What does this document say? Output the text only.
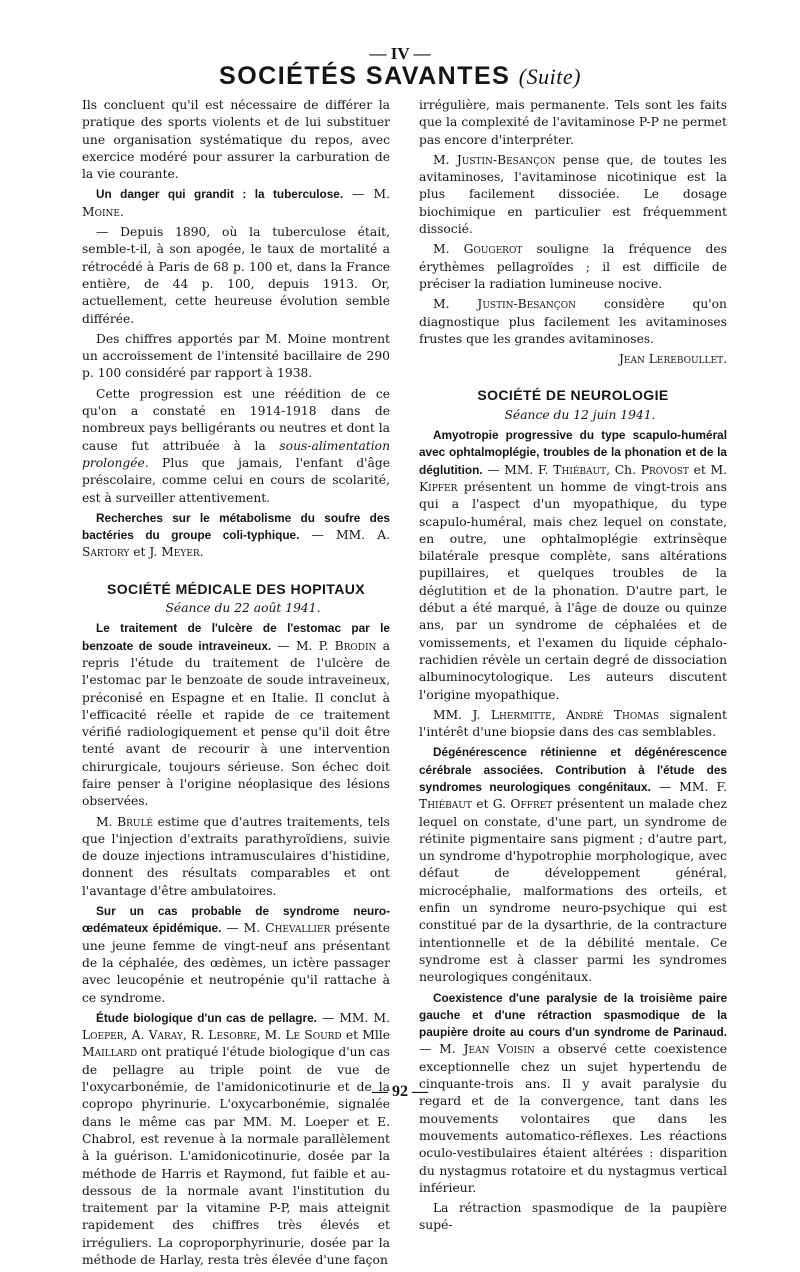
— IV —
SOCIÉTÉS SAVANTES (Suite)

Ils concluent qu'il est nécessaire de différer la pratique des sports violents et de lui substituer une organisation systématique du repos, avec exercice modéré pour assurer la carburation de la vie courante.

Un danger qui grandit : la tuberculose. — M. Moine.

— Depuis 1890, où la tuberculose était, semble-t-il, à son apogée, le taux de mortalité a rétrocédé à Paris de 68 p. 100 et, dans la France entière, de 44 p. 100, depuis 1913. Or, actuellement, cette heureuse évolution semble différée.

Des chiffres apportés par M. Moine montrent un accroissement de l'intensité bacillaire de 290 p. 100 considéré par rapport à 1938.

Cette progression est une réédition de ce qu'on a constaté en 1914-1918 dans de nombreux pays belligérants ou neutres et dont la cause fut attribuée à la sous-alimentation prolongée. Plus que jamais, l'enfant d'âge préscolaire, comme celui en cours de scolarité, est à surveiller attentivement.

Recherches sur le métabolisme du soufre des bactéries du groupe coli-typhique. — MM. A. Sartory et J. Meyer.

SOCIÉTÉ MÉDICALE DES HOPITAUX

Séance du 22 août 1941.

Le traitement de l'ulcère de l'estomac par le benzoate de soude intraveineux. — M. P. Brodin a repris l'étude du traitement de l'ulcère de l'estomac par le benzoate de soude intraveineux, préconisé en Espagne et en Italie. Il conclut à l'efficacité réelle et rapide de ce traitement vérifié radiologiquement et pense qu'il doit être tenté avant de recourir à une intervention chirurgicale, toujours sérieuse. Son échec doit faire penser à l'origine néoplasique des lésions observées.

M. Brulé estime que d'autres traitements, tels que l'injection d'extraits parathyroïdiens, suivie de douze injections intramusculaires d'histidine, donnent des résultats comparables et ont l'avantage d'être ambulatoires.

Sur un cas probable de syndrome neuro-œdémateux épidémique. — M. Chevallier présente une jeune femme de vingt-neuf ans présentant de la céphalée, des œdèmes, un ictère passager avec leucopénie et neutropénie qu'il rattache à ce syndrome.

Étude biologique d'un cas de pellagre. — MM. M. Loeper, A. Varay, R. Lesobre, M. Le Sourd et Mlle Maillard ont pratiqué l'étude biologique d'un cas de pellagre au triple point de vue de l'oxycarbonémie, de l'amidonicotinurie et de la copropo phyrinurie. L'oxycarbonémie, signalée dans le même cas par MM. M. Loeper et E. Chabrol, est revenue à la normale parallèlement à la guérison. L'amidonicotinurie, dosée par la méthode de Harris et Raymond, fut faible et au-dessous de la normale avant l'institution du traitement par la vitamine P-P, mais atteignit rapidement des chiffres très élevés et irréguliers. La coproporphyrinurie, dosée par la méthode de Harlay, resta très élevée d'une façon

irrégulière, mais permanente. Tels sont les faits que la complexité de l'avitaminose P-P ne permet pas encore d'interpréter.

M. Justin-Besançon pense que, de toutes les avitaminoses, l'avitaminose nicotinique est la plus facilement dissociée. Le dosage biochimique en particulier est fréquemment dissocié.

M. Gougerot souligne la fréquence des érythèmes pellagroïdes ; il est difficile de préciser la radiation lumineuse nocive.

M. Justin-Besançon considère qu'on diagnostique plus facilement les avitaminoses frustes que les grandes avitaminoses.

Jean Lereboullet.

SOCIÉTÉ DE NEUROLOGIE

Séance du 12 juin 1941.

Amyotropie progressive du type scapulo-huméral avec ophtalmoplégie, troubles de la phonation et de la déglutition. — MM. F. Thiébaut, Ch. Provost et M. Kipfer présentent un homme de vingt-trois ans qui a l'aspect d'un myopathique, du type scapulo-huméral, mais chez lequel on constate, en outre, une ophtalmoplégie extrinsèque bilatérale presque complète, sans altérations pupillaires, et quelques troubles de la déglutition et de la phonation. D'autre part, le début a été marqué, à l'âge de douze ou quinze ans, par un syndrome de céphalées et de vomissements, et l'examen du liquide céphalo-rachidien révèle un certain degré de dissociation albuminocytologique. Les auteurs discutent l'origine myopathique.

MM. J. Lhermitte, André Thomas signalent l'intérêt d'une biopsie dans des cas semblables.

Dégénérescence rétinienne et dégénérescence cérébrale associées. Contribution à l'étude des syndromes neurologiques congénitaux. — MM. F. Thiébaut et G. Offret présentent un malade chez lequel on constate, d'une part, un syndrome de rétinite pigmentaire sans pigment ; d'autre part, un syndrome d'hypotrophie morphologique, avec défaut de développement général, microcéphalie, malformations des orteils, et enfin un syndrome neuro-psychique qui est constitué par de la dysarthrie, de la contracture intentionnelle et de la débilité mentale. Ce syndrome est à classer parmi les syndromes neurologiques congénitaux.

Coexistence d'une paralysie de la troisième paire gauche et d'une rétraction spasmodique de la paupière droite au cours d'un syndrome de Parinaud. — M. Jean Voisin a observé cette coexistence exceptionnelle chez un sujet hypertendu de cinquante-trois ans. Il y avait paralysie du regard et de la convergence, tant dans les mouvements volontaires que dans les mouvements automatico-réflexes. Les réactions oculo-vestibulaires étaient altérées : disparition du nystagmus rotatoire et du nystagmus vertical inférieur.

La rétraction spasmodique de la paupière supé-

— 92 —
